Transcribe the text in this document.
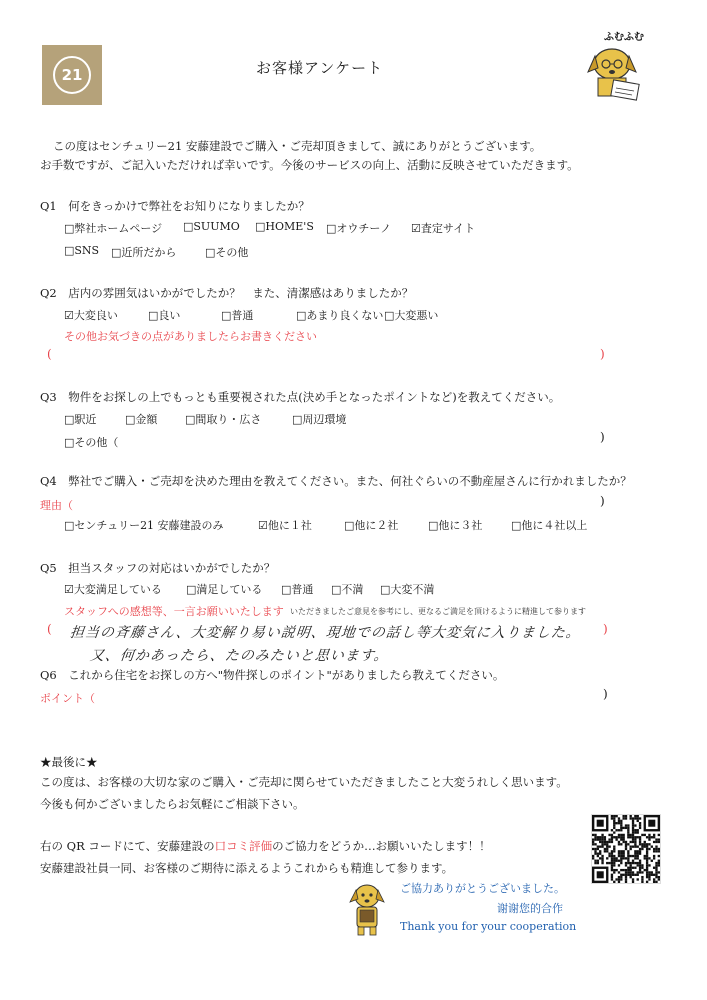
21	お客様アンケート
ふむふむ
この度はセンチュリー21 安藤建設でご購入・ご売却頂きまして、誠にありがとうございます。
お手数ですが、ご記入いただければ幸いです。今後のサービスの向上、活動に反映させていただきます。
Q1　何をきっかけで弊社をお知りになりましたか？
□弊社ホームページ □SUUMO □HOME'S □オウチーノ ☑査定サイト
□SNS □近所だから	□その他
Q2　店内の雰囲気はいかがでしたか？　また、清潔感はありましたか？
☑大変良い	□良い	□普通	□あまり良くない □大変悪い
その他お気づきの点がありましたらお書きください
(	)
Q3　物件をお探しの上でもっとも重要視された点(決め手となったポイントなど)を教えてください。
□駅近	□金額	□間取り・広さ	□周辺環境
□その他（	)
Q4　弊社でご購入・ご売却を決めた理由を教えてください。また、何社ぐらいの不動産屋さんに行かれましたか？
理由（	)
□センチュリー21 安藤建設のみ	☑他に１社	□他に２社	□他に３社	□他に４社以上
Q5　担当スタッフの対応はいかがでしたか？
☑大変満足している □満足している □普通 □不満 □大変不満
スタッフへの感想等、一言お願いいたします いただきましたご意見を参考にし、更なるご満足を頂けるように精進して参ります
(	)
担当の斉藤さん、大変解り易い説明、現地での話し等大変気に入りました。
又、何かあったら、たのみたいと思います。
Q6　これから住宅をお探しの方へ"物件探しのポイント"がありましたら教えてください。
ポイント（	)
★最後に★
この度は、お客様の大切な家のご購入・ご売却に関らせていただきましたこと大変うれしく思います。
今後も何かございましたらお気軽にご相談下さい。
右の QR コードにて、安藤建設の口コミ評価のご協力をどうか…お願いいたします！！
安藤建設社員一同、お客様のご期待に添えるようこれからも精進して参ります。
ご協力ありがとうございました。
谢谢您的合作
Thank you for your cooperation
